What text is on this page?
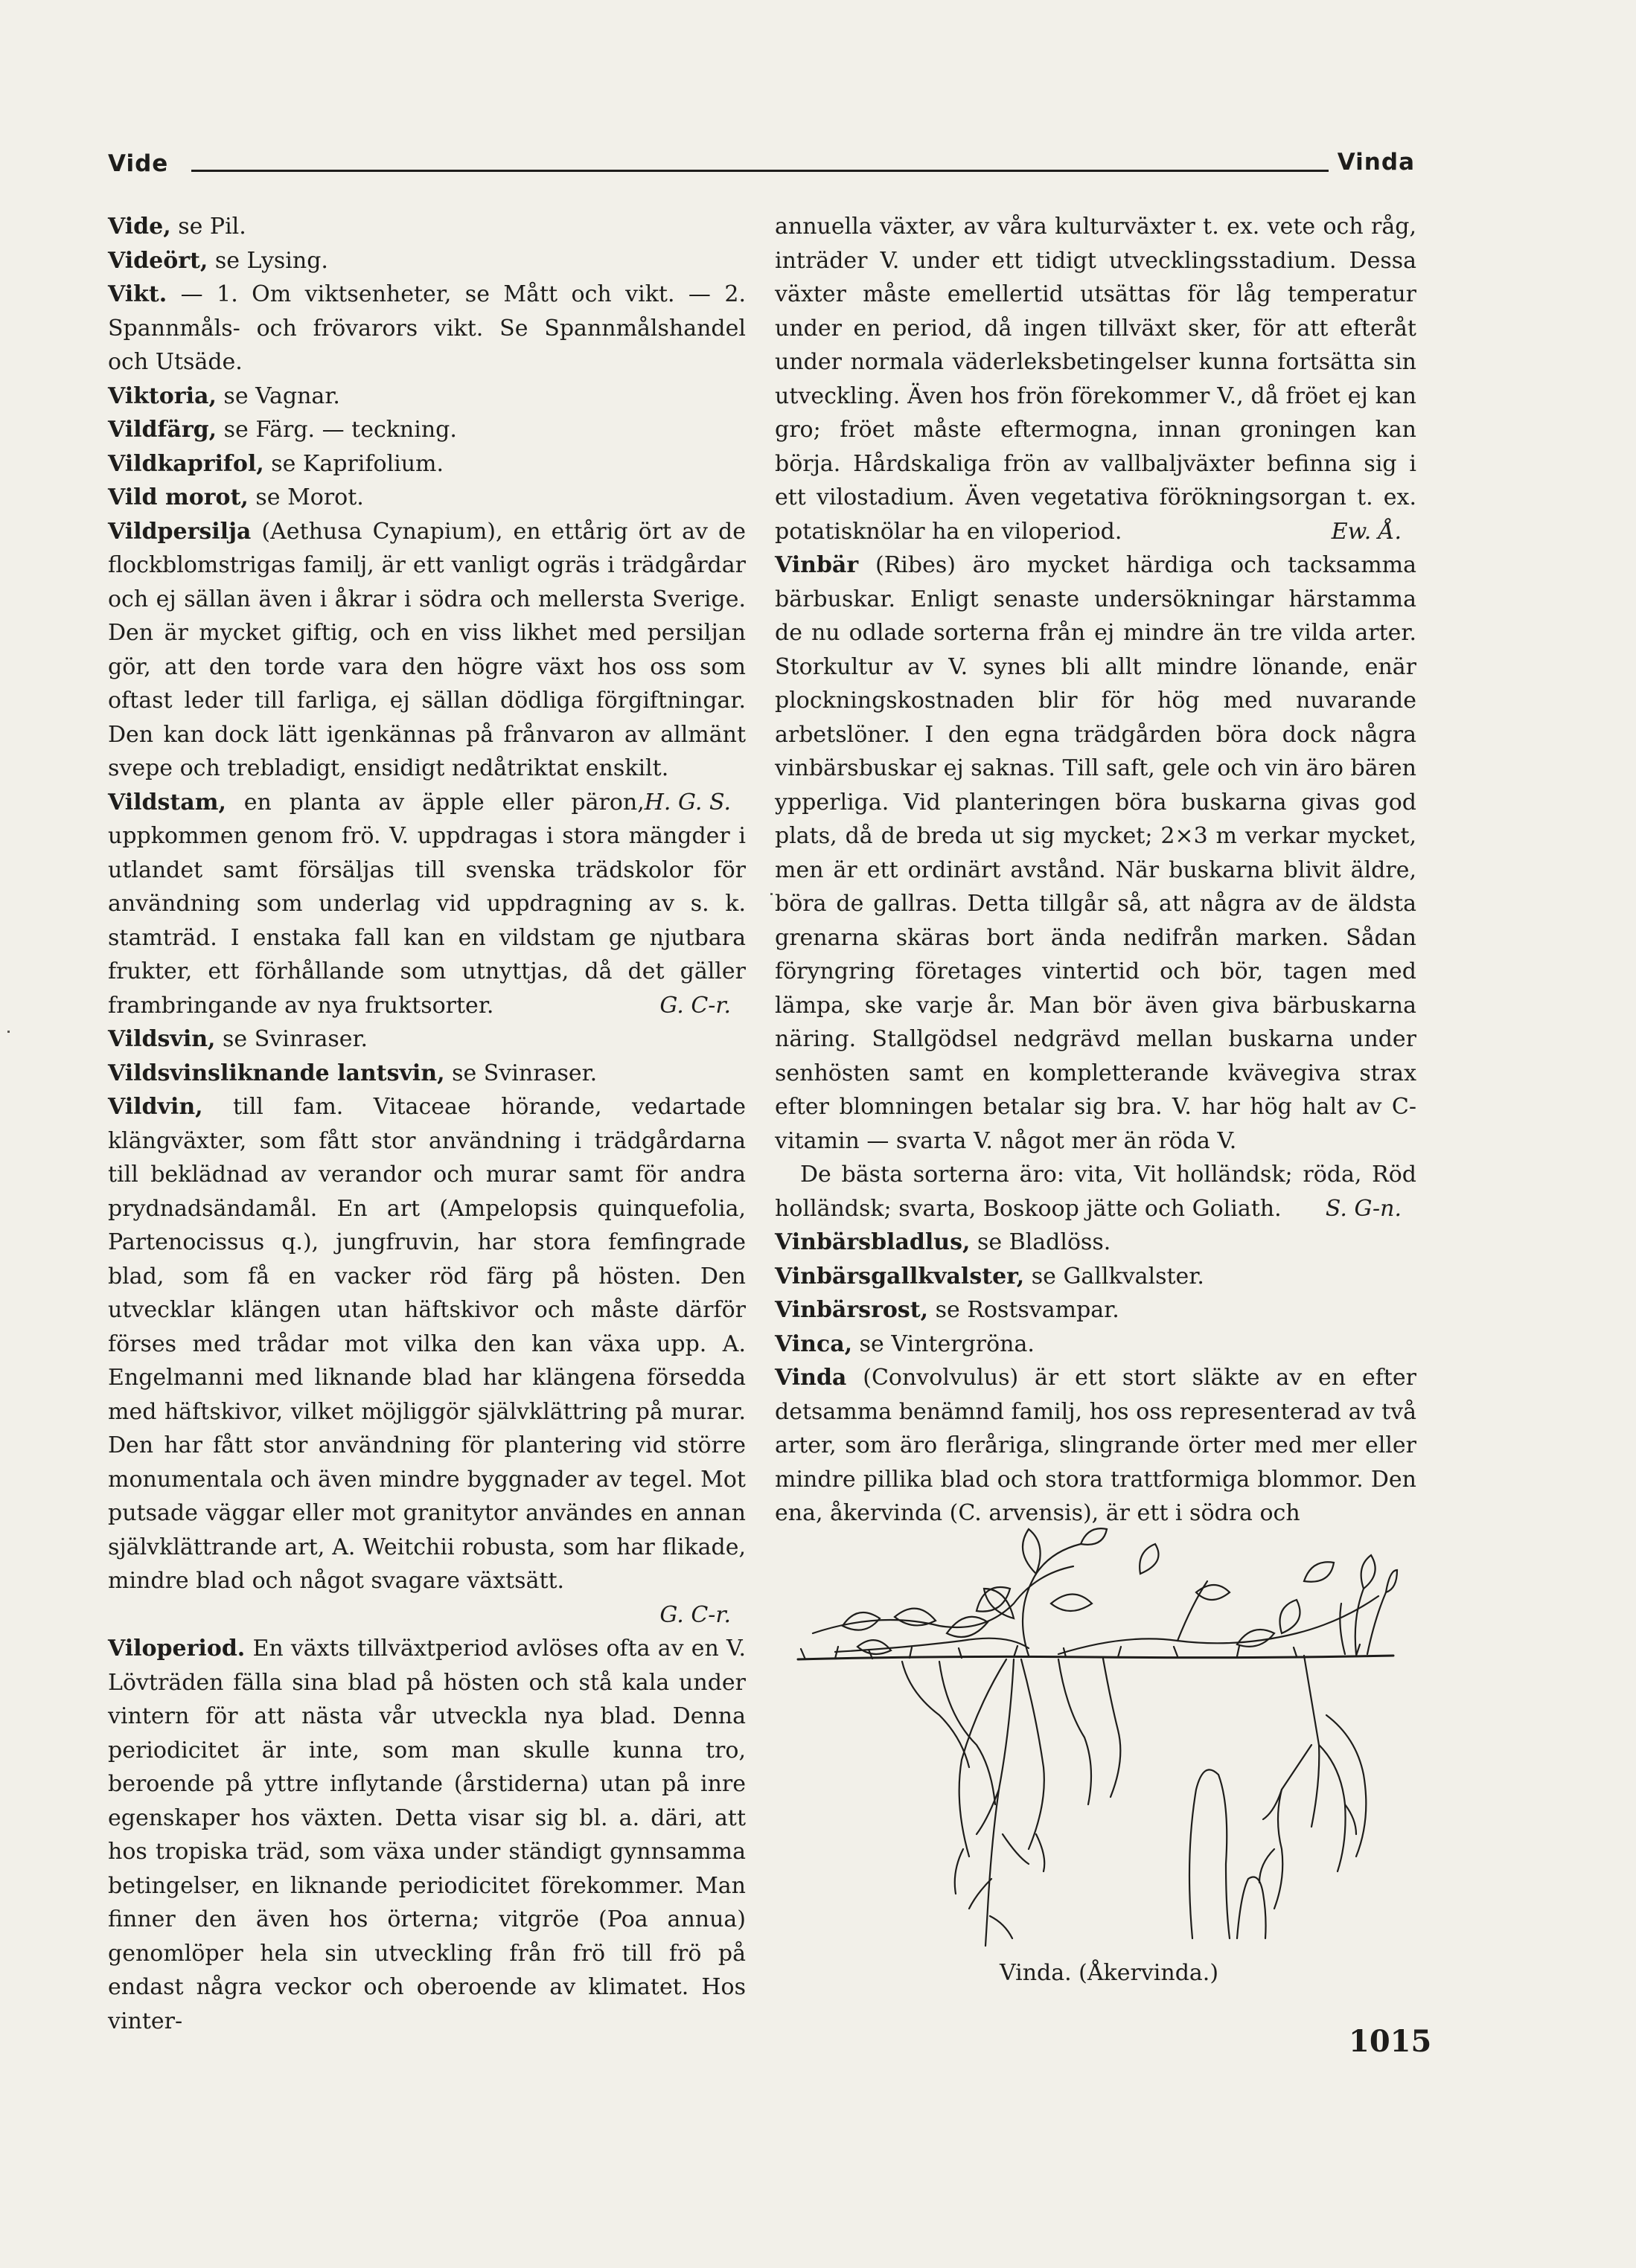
Vide	Vinda

Vide, se Pil.

Videört, se Lysing.

Vikt. — 1. Om viktsenheter, se Mått och vikt. — 2. Spannmåls- och frövarors vikt. Se Spannmålshandel och Utsäde.

Viktoria, se Vagnar.

Vildfärg, se Färg. — teckning.

Vildkaprifol, se Kaprifolium.

Vild morot, se Morot.

Vildpersilja (Aethusa Cynapium), en ettårig ört av de flockblomstrigas familj, är ett vanligt ogräs i trädgårdar och ej sällan även i åkrar i södra och mellersta Sverige. Den är mycket giftig, och en viss likhet med persiljan gör, att den torde vara den högre växt hos oss som oftast leder till farliga, ej sällan dödliga förgiftningar. Den kan dock lätt igenkännas på frånvaron av allmänt svepe och trebladigt, ensidigt nedåtriktat enskilt.
H. G. S.

Vildstam, en planta av äpple eller päron, uppkommen genom frö. V. uppdragas i stora mängder i utlandet samt försäljas till svenska trädskolor för användning som underlag vid uppdragning av s. k. stamträd. I enstaka fall kan en vildstam ge njutbara frukter, ett förhållande som utnyttjas, då det gäller frambringande av nya fruktsorter.	G. C-r.

Vildsvin, se Svinraser.

Vildsvinsliknande lantsvin, se Svinraser.

Vildvin, till fam. Vitaceae hörande, vedartade klängväxter, som fått stor användning i trädgårdarna till beklädnad av verandor och murar samt för andra prydnadsändamål. En art (Ampelopsis quinquefolia, Partenocissus q.), jungfruvin, har stora femfingrade blad, som få en vacker röd färg på hösten. Den utvecklar klängen utan häftskivor och måste därför förses med trådar mot vilka den kan växa upp. A. Engelmanni med liknande blad har klängena försedda med häftskivor, vilket möjliggör självklättring på murar. Den har fått stor användning för plantering vid större monumentala och även mindre byggnader av tegel. Mot putsade väggar eller mot granitytor användes en annan självklättrande art, A. Weitchii robusta, som har flikade, mindre blad och något svagare växtsätt.

G. C-r.

Viloperiod. En växts tillväxtperiod avlöses ofta av en V. Lövträden fälla sina blad på hösten och stå kala under vintern för att nästa vår utveckla nya blad. Denna periodicitet är inte, som man skulle kunna tro, beroende på yttre inflytande (årstiderna) utan på inre egenskaper hos växten. Detta visar sig bl. a. däri, att hos tropiska träd, som växa under ständigt gynnsamma betingelser, en liknande periodicitet förekommer. Man finner den även hos örterna; vitgröe (Poa annua) genomlöper hela sin utveckling från frö till frö på endast några veckor och oberoende av klimatet. Hos vinter-

annuella växter, av våra kulturväxter t. ex. vete och råg, inträder V. under ett tidigt utvecklingsstadium. Dessa växter måste emellertid utsättas för låg temperatur under en period, då ingen tillväxt sker, för att efteråt under normala väderleksbetingelser kunna fortsätta sin utveckling. Även hos frön förekommer V., då fröet ej kan gro; fröet måste eftermogna, innan groningen kan börja. Hårdskaliga frön av vallbaljväxter befinna sig i ett vilostadium. Även vegetativa förökningsorgan t. ex. potatisknölar ha en viloperiod.	Ew. Å.

Vinbär (Ribes) äro mycket härdiga och tacksamma bärbuskar. Enligt senaste undersökningar härstamma de nu odlade sorterna från ej mindre än tre vilda arter. Storkultur av V. synes bli allt mindre lönande, enär plockningskostnaden blir för hög med nuvarande arbetslöner. I den egna trädgården böra dock några vinbärsbuskar ej saknas. Till saft, gele och vin äro bären ypperliga. Vid planteringen böra buskarna givas god plats, då de breda ut sig mycket; 2×3 m verkar mycket, men är ett ordinärt avstånd. När buskarna blivit äldre, böra de gallras. Detta tillgår så, att några av de äldsta grenarna skäras bort ända nedifrån marken. Sådan föryngring företages vintertid och bör, tagen med lämpa, ske varje år. Man bör även giva bärbuskarna näring. Stallgödsel nedgrävd mellan buskarna under senhösten samt en kompletterande kvävegiva strax efter blomningen betalar sig bra. V. har hög halt av C-vitamin — svarta V. något mer än röda V.

De bästa sorterna äro: vita, Vit holländsk; röda, Röd holländsk; svarta, Boskoop jätte och Goliath.	S. G-n.

Vinbärsbladlus, se Bladlöss.

Vinbärsgallkvalster, se Gallkvalster.

Vinbärsrost, se Rostsvampar.

Vinca, se Vintergröna.

Vinda (Convolvulus) är ett stort släkte av en efter detsamma benämnd familj, hos oss representerad av två arter, som äro fleråriga, slingrande örter med mer eller mindre pillika blad och stora trattformiga blommor. Den ena, åkervinda (C. arvensis), är ett i södra och

Vinda. (Åkervinda.)
1015
